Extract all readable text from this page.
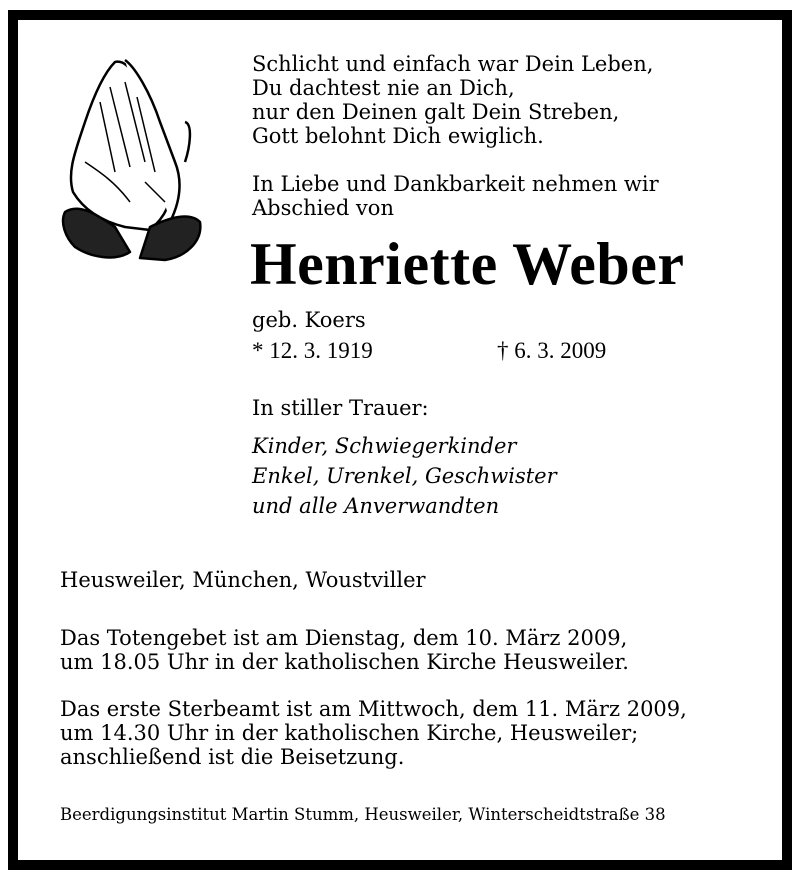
Schlicht und einfach war Dein Leben,
Du dachtest nie an Dich,
nur den Deinen galt Dein Streben,
Gott belohnt Dich ewiglich.
In Liebe und Dankbarkeit nehmen wir
Abschied von
Henriette Weber
geb. Koers
* 12. 3. 1919	† 6. 3. 2009
In stiller Trauer:
Kinder, Schwiegerkinder
Enkel, Urenkel, Geschwister
und alle Anverwandten
Heusweiler, München, Woustviller
Das Totengebet ist am Dienstag, dem 10. März 2009,
um 18.05 Uhr in der katholischen Kirche Heusweiler.
Das erste Sterbeamt ist am Mittwoch, dem 11. März 2009,
um 14.30 Uhr in der katholischen Kirche, Heusweiler;
anschließend ist die Beisetzung.
Beerdigungsinstitut Martin Stumm, Heusweiler, Winterscheidtstraße 38
